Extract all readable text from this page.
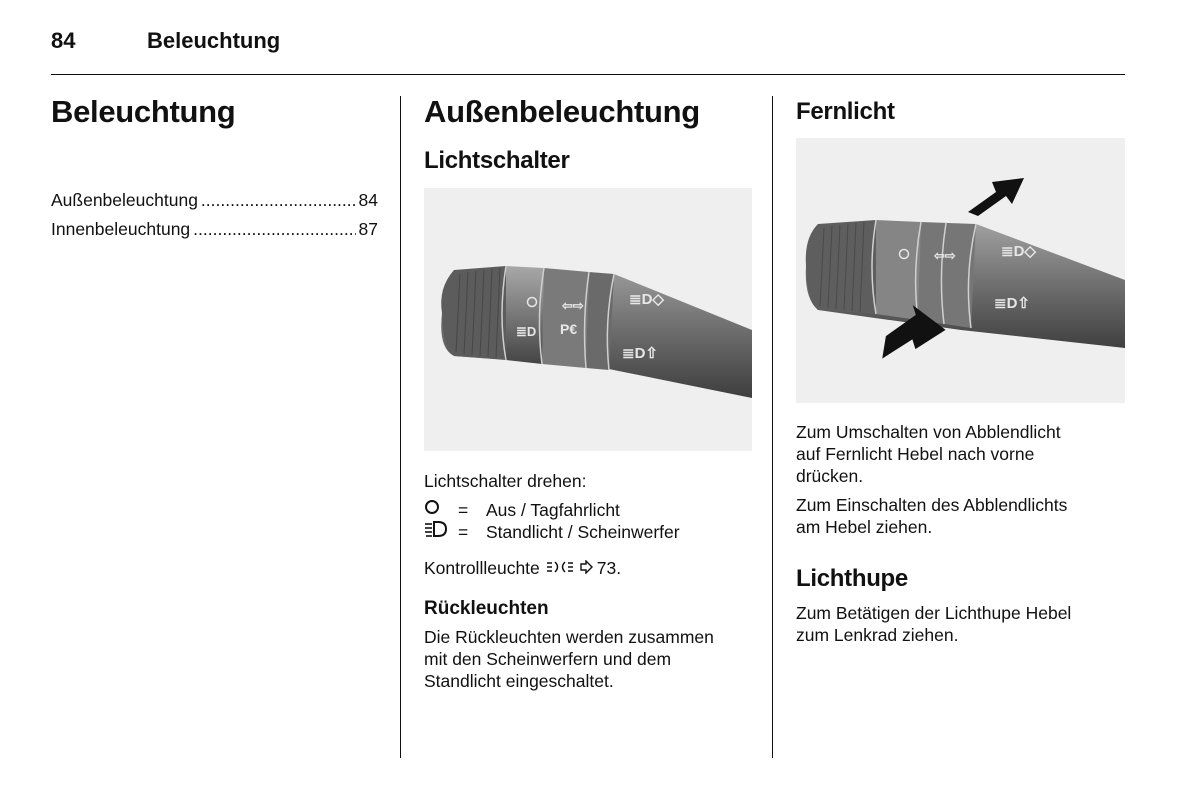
84	Beleuchtung
Beleuchtung
Außenbeleuchtung .....	84
Innenbeleuchtung .....	87
Außenbeleuchtung
Lichtschalter
≣D
⇦⇨
P€
≣D◇
≣D⇧
Lichtschalter drehen:
=	Aus / Tagfahrlicht
=	Standlicht / Scheinwerfer
Kontrollleuchte	73.
Rückleuchten
Die Rückleuchten werden zusammen
mit den Scheinwerfern und dem
Standlicht eingeschaltet.
Fernlicht
⇦⇨	≣D◇
≣D⇧
Zum Umschalten von Abblendlicht
auf Fernlicht Hebel nach vorne
drücken.
Zum Einschalten des Abblendlichts
am Hebel ziehen.
Lichthupe
Zum Betätigen der Lichthupe Hebel
zum Lenkrad ziehen.
